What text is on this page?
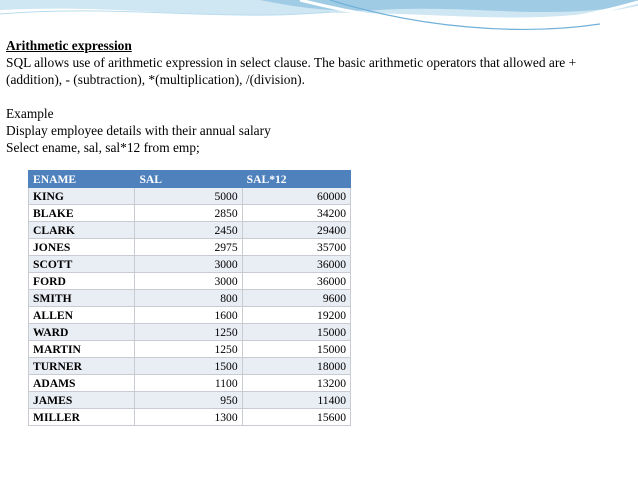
Arithmetic expression

SQL allows use of arithmetic expression in select clause. The basic arithmetic operators that allowed are +(addition), - (subtraction), *(multiplication), /(division).

Example
Display employee details with their annual salary
Select ename, sal, sal*12 from emp;
ENAME	SAL	SAL*12
KING	5000	60000
BLAKE	2850	34200
CLARK	2450	29400
JONES	2975	35700
SCOTT	3000	36000
FORD	3000	36000
SMITH	800	9600
ALLEN	1600	19200
WARD	1250	15000
MARTIN	1250	15000
TURNER	1500	18000
ADAMS	1100	13200
JAMES	950	11400
MILLER	1300	15600
